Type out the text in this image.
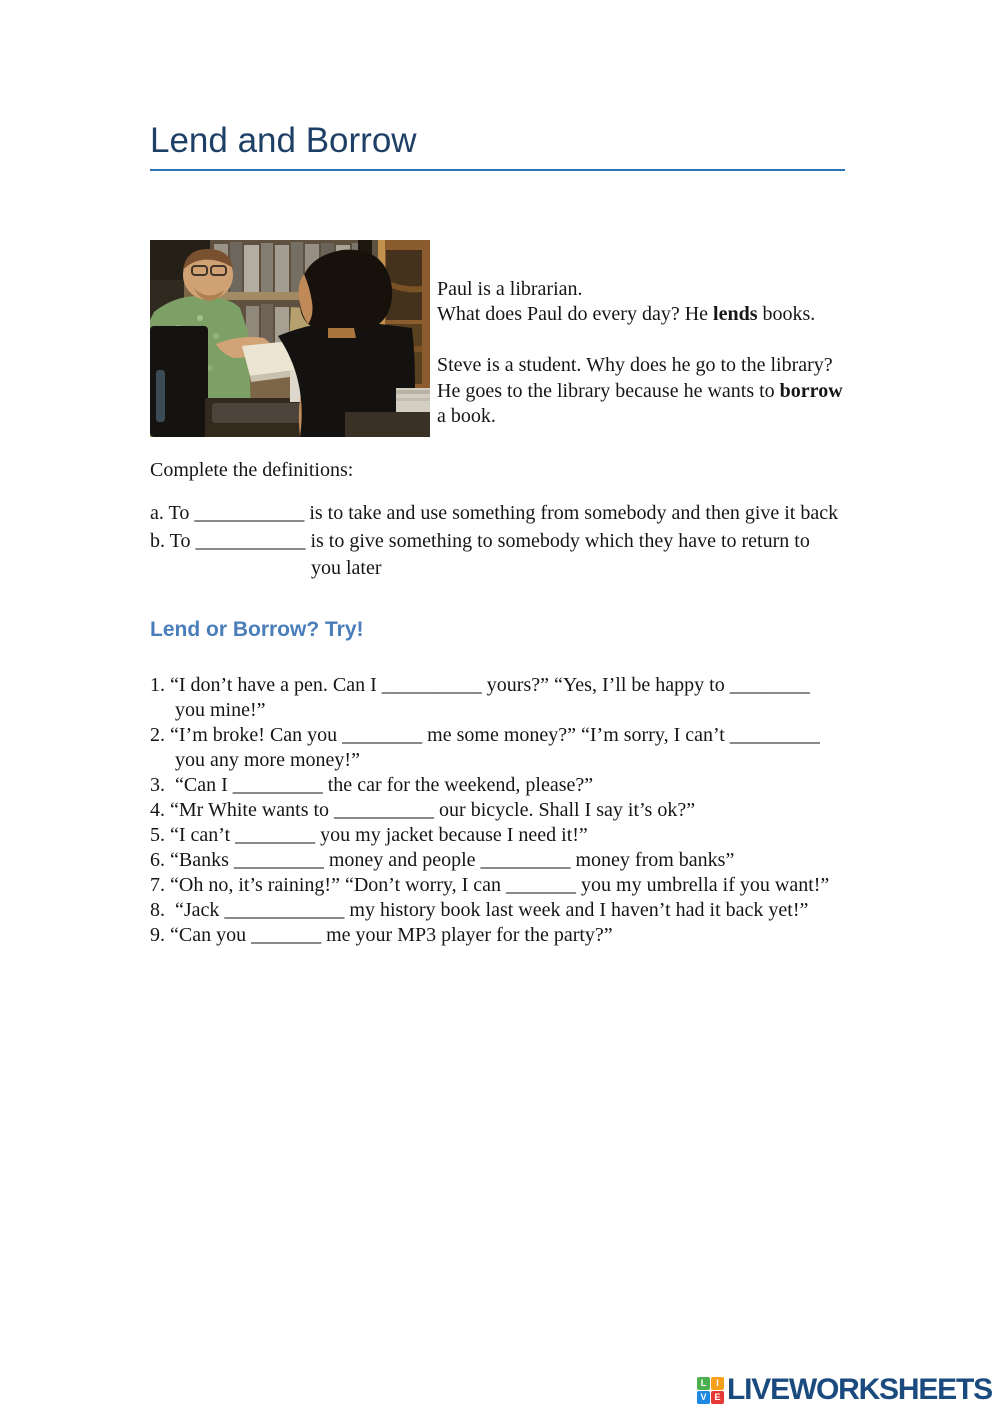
Lend and Borrow
Paul is a librarian.
What does Paul do every day? He lends books.
Steve is a student. Why does he go to the library?
He goes to the library because he wants to borrow
a book.
Complete the definitions:
a. To ___________ is to take and use something from somebody and then give it back
b. To ___________ is to give something to somebody which they have to return to
you later
Lend or Borrow? Try!
1. “I don’t have a pen. Can I __________ yours?” “Yes, I’ll be happy to ________
you mine!”
2. “I’m broke! Can you ________ me some money?” “I’m sorry, I can’t _________
you any more money!”
3.  “Can I _________ the car for the weekend, please?”
4. “Mr White wants to __________ our bicycle. Shall I say it’s ok?”
5. “I can’t ________ you my jacket because I need it!”
6. “Banks _________ money and people _________ money from banks”
7. “Oh no, it’s raining!” “Don’t worry, I can _______ you my umbrella if you want!”
8.  “Jack ____________ my history book last week and I haven’t had it back yet!”
9. “Can you _______ me your MP3 player for the party?”
L	I
V E LIVEWORKSHEETS
